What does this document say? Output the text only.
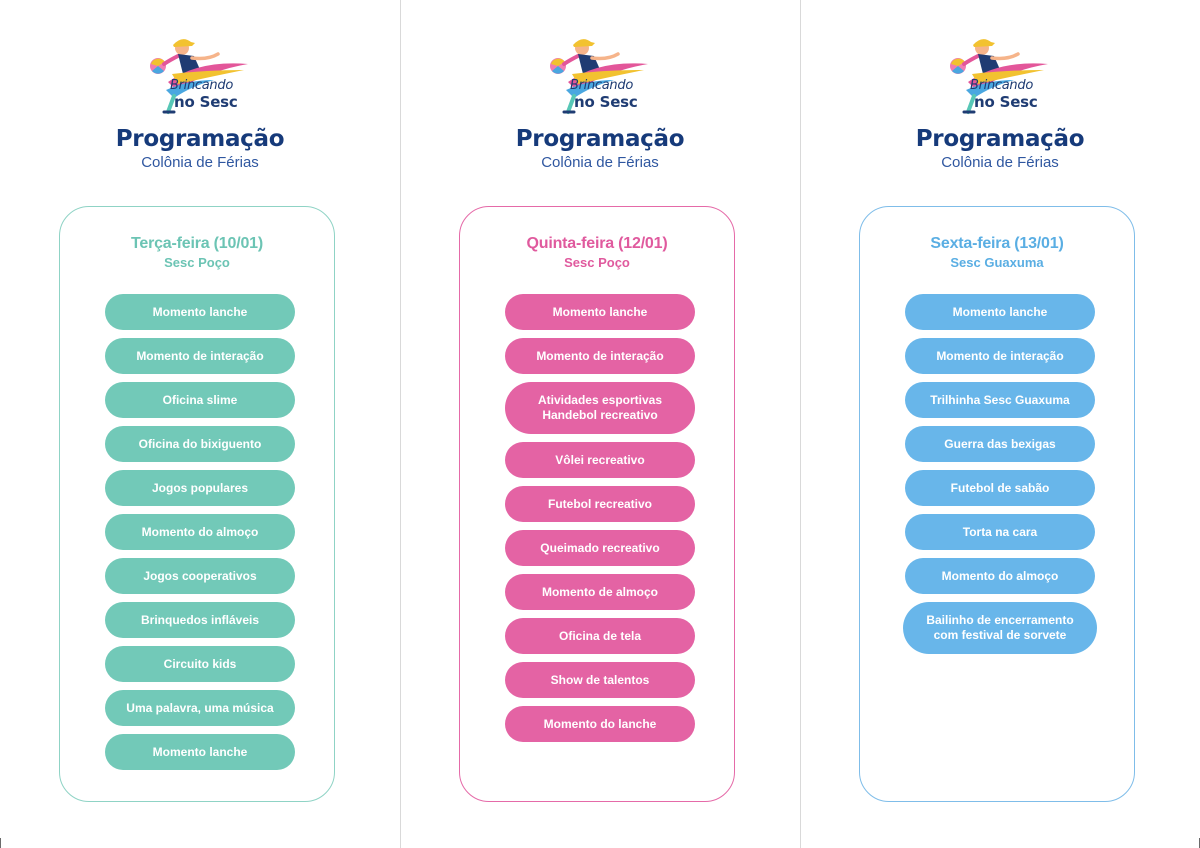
Brincando
no Sesc
Programação
Colônia de Férias
Terça-feira (10/01)
Sesc Poço
Momento lanche
Momento de interação
Oficina slime
Oficina do bixiguento
Jogos populares
Momento do almoço
Jogos cooperativos
Brinquedos infláveis
Circuito kids
Uma palavra, uma música
Momento lanche
Brincando
no Sesc
Programação
Colônia de Férias
Quinta-feira (12/01)
Sesc Poço
Momento lanche
Momento de interação
Atividades esportivas
Handebol recreativo
Vôlei recreativo
Futebol recreativo
Queimado recreativo
Momento de almoço
Oficina de tela
Show de talentos
Momento do lanche
Brincando
no Sesc
Programação
Colônia de Férias
Sexta-feira (13/01)
Sesc Guaxuma
Momento lanche
Momento de interação
Trilhinha Sesc Guaxuma
Guerra das bexigas
Futebol de sabão
Torta na cara
Momento do almoço
Bailinho de encerramento
com festival de sorvete
